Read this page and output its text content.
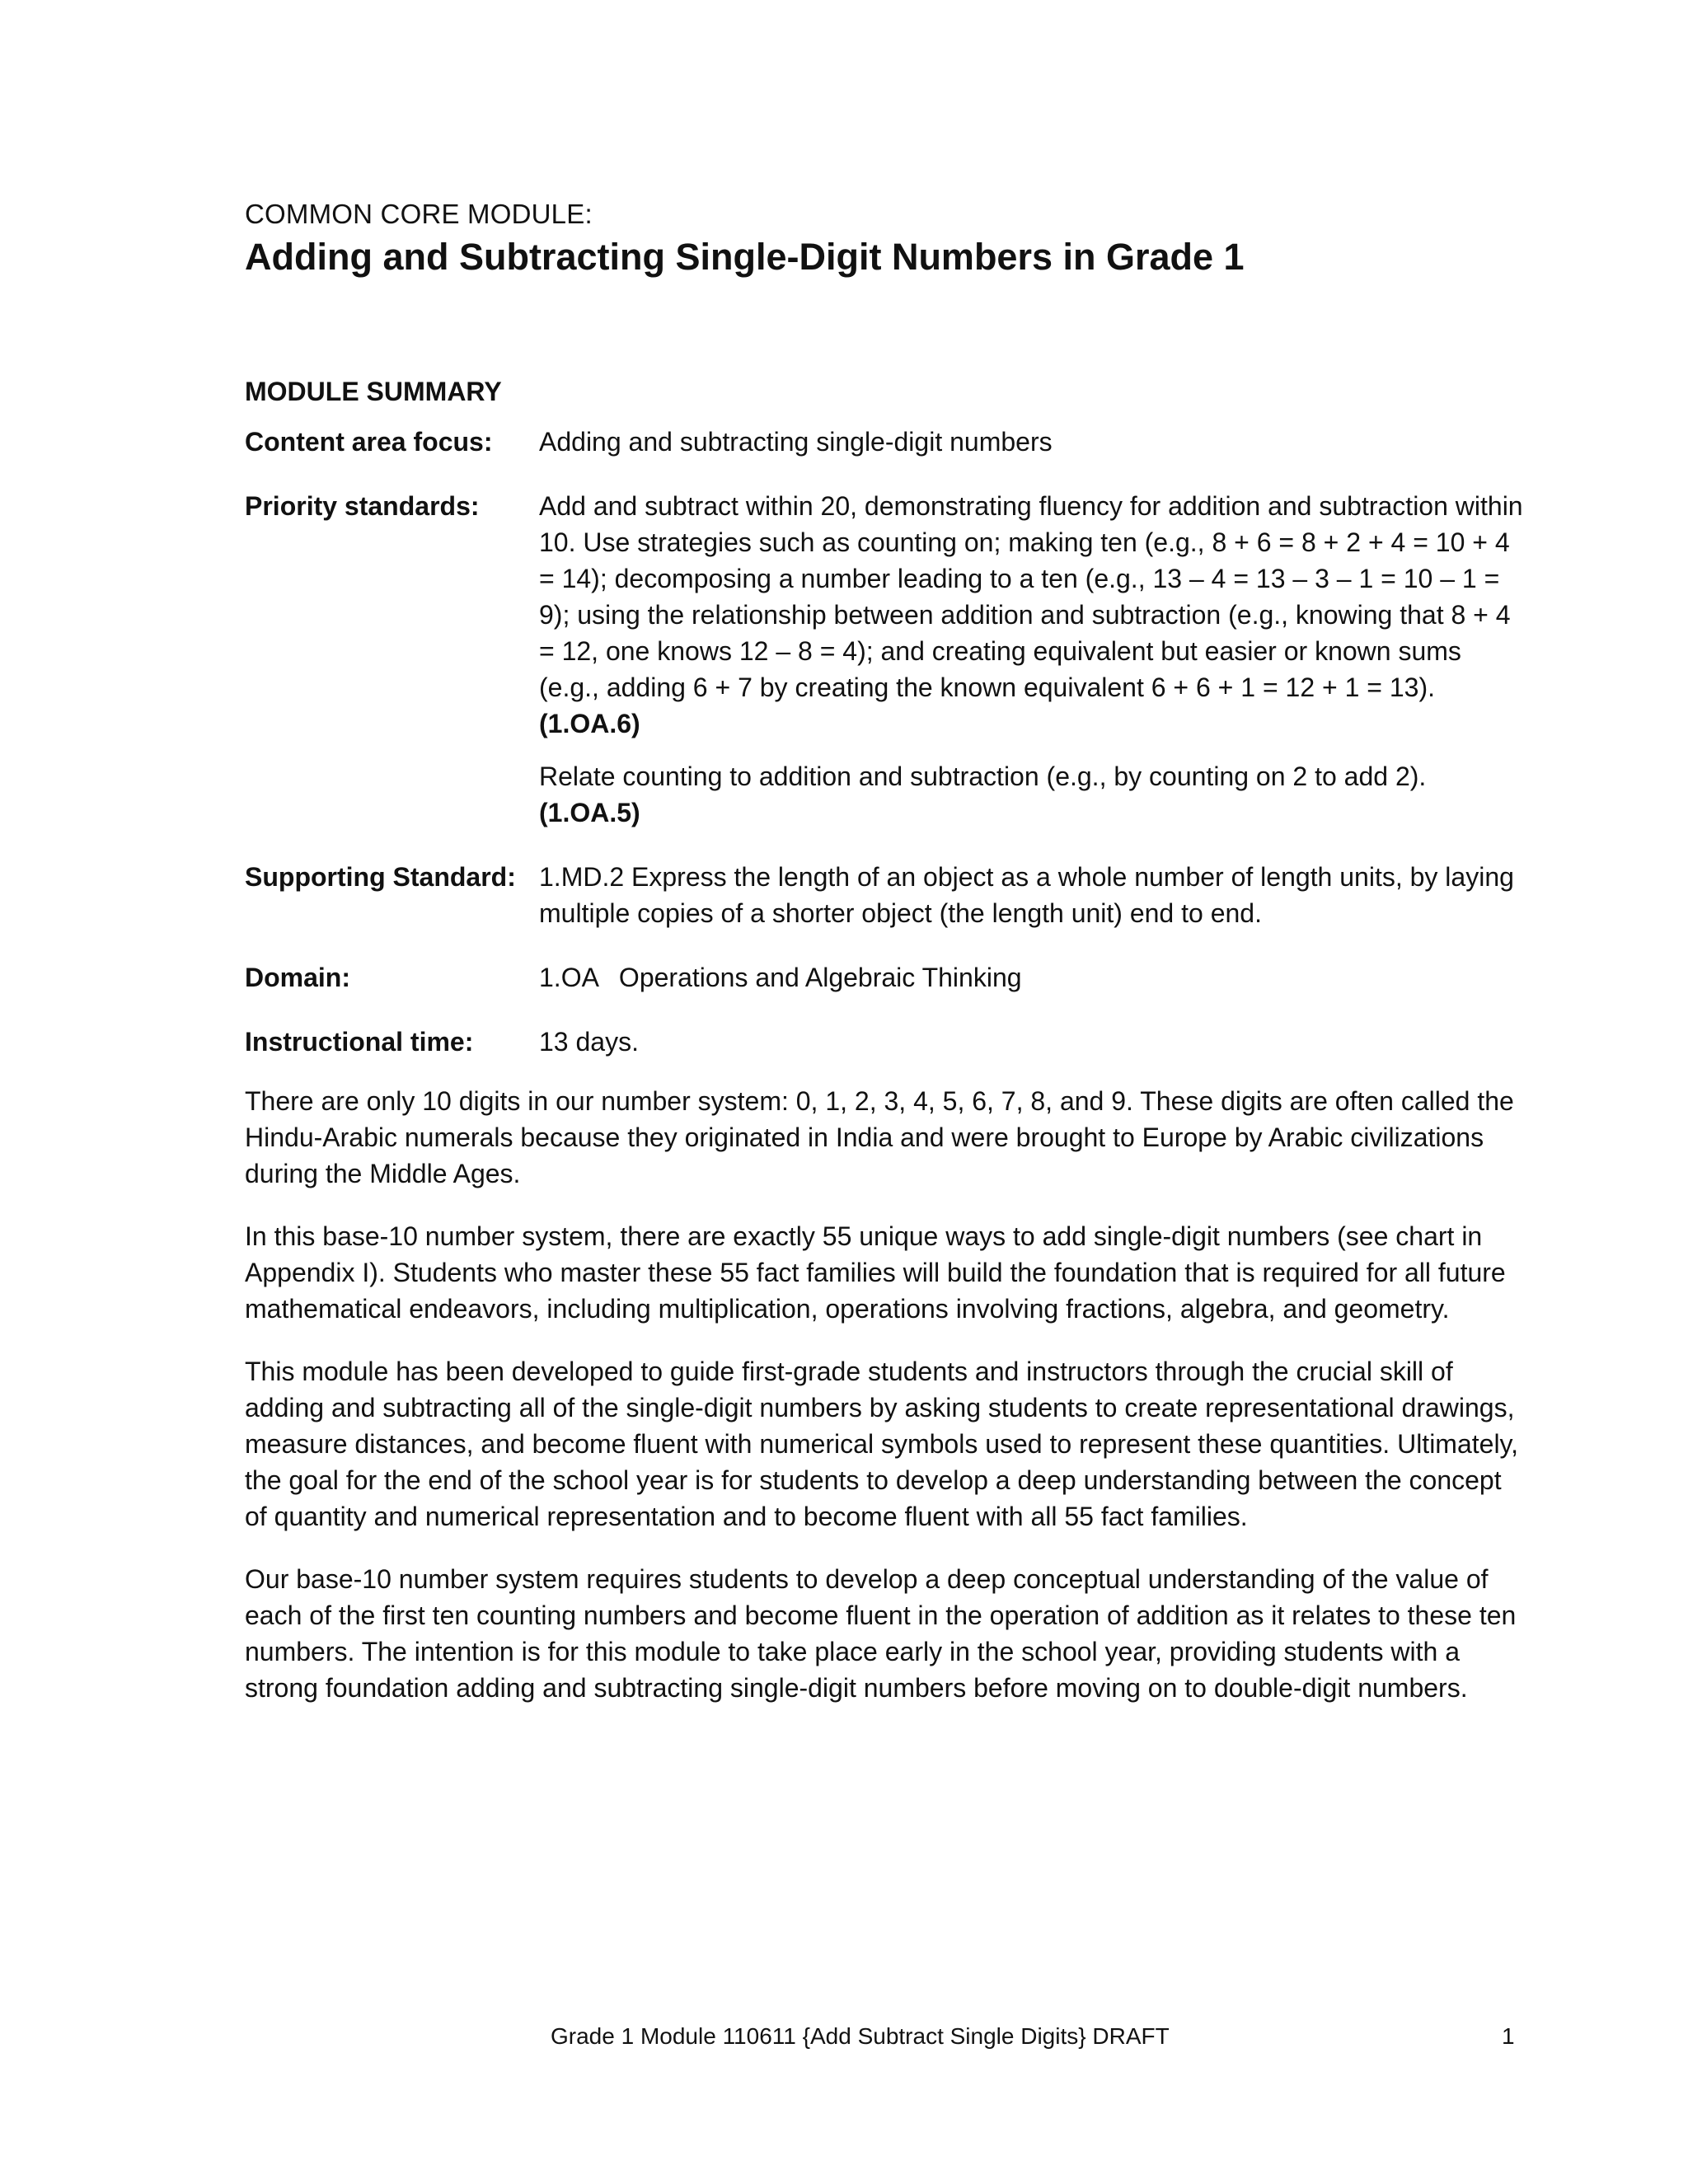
COMMON CORE MODULE:
Adding and Subtracting Single-Digit Numbers in Grade 1
MODULE SUMMARY
Content area focus:	Adding and subtracting single-digit numbers
Priority standards:	Add and subtract within 20, demonstrating fluency for addition and subtraction within 10. Use strategies such as counting on; making ten (e.g., 8 + 6 = 8 + 2 + 4 = 10 + 4 = 14); decomposing a number leading to a ten (e.g., 13 – 4 = 13 – 3 – 1 = 10 – 1 = 9); using the relationship between addition and subtraction (e.g., knowing that 8 + 4 = 12, one knows 12 – 8 = 4); and creating equivalent but easier or known sums (e.g., adding 6 + 7 by creating the known equivalent 6 + 6 + 1 = 12 + 1 = 13).(1.OA.6)

Relate counting to addition and subtraction (e.g., by counting on 2 to add 2).
(1.OA.5)

Supporting Standard: 1.MD.2 Express the length of an object as a whole number of length units, by laying multiple copies of a shorter object (the length unit) end to end.
Domain:	1.OA Operations and Algebraic Thinking
Instructional time:	13 days.

There are only 10 digits in our number system: 0, 1, 2, 3, 4, 5, 6, 7, 8, and 9. These digits are often called the Hindu-Arabic numerals because they originated in India and were brought to Europe by Arabic civilizations during the Middle Ages.

In this base-10 number system, there are exactly 55 unique ways to add single-digit numbers (see chart in Appendix I). Students who master these 55 fact families will build the foundation that is required for all future mathematical endeavors, including multiplication, operations involving fractions, algebra, and geometry.

This module has been developed to guide first-grade students and instructors through the crucial skill of adding and subtracting all of the single-digit numbers by asking students to create representational drawings, measure distances, and become fluent with numerical symbols used to represent these quantities. Ultimately, the goal for the end of the school year is for students to develop a deep understanding between the concept of quantity and numerical representation and to become fluent with all 55 fact families.

Our base-10 number system requires students to develop a deep conceptual understanding of the value of each of the first ten counting numbers and become fluent in the operation of addition as it relates to these ten numbers. The intention is for this module to take place early in the school year, providing students with a strong foundation adding and subtracting single-digit numbers before moving on to double-digit numbers.

Grade 1 Module 110611 {Add Subtract Single Digits} DRAFT	1
